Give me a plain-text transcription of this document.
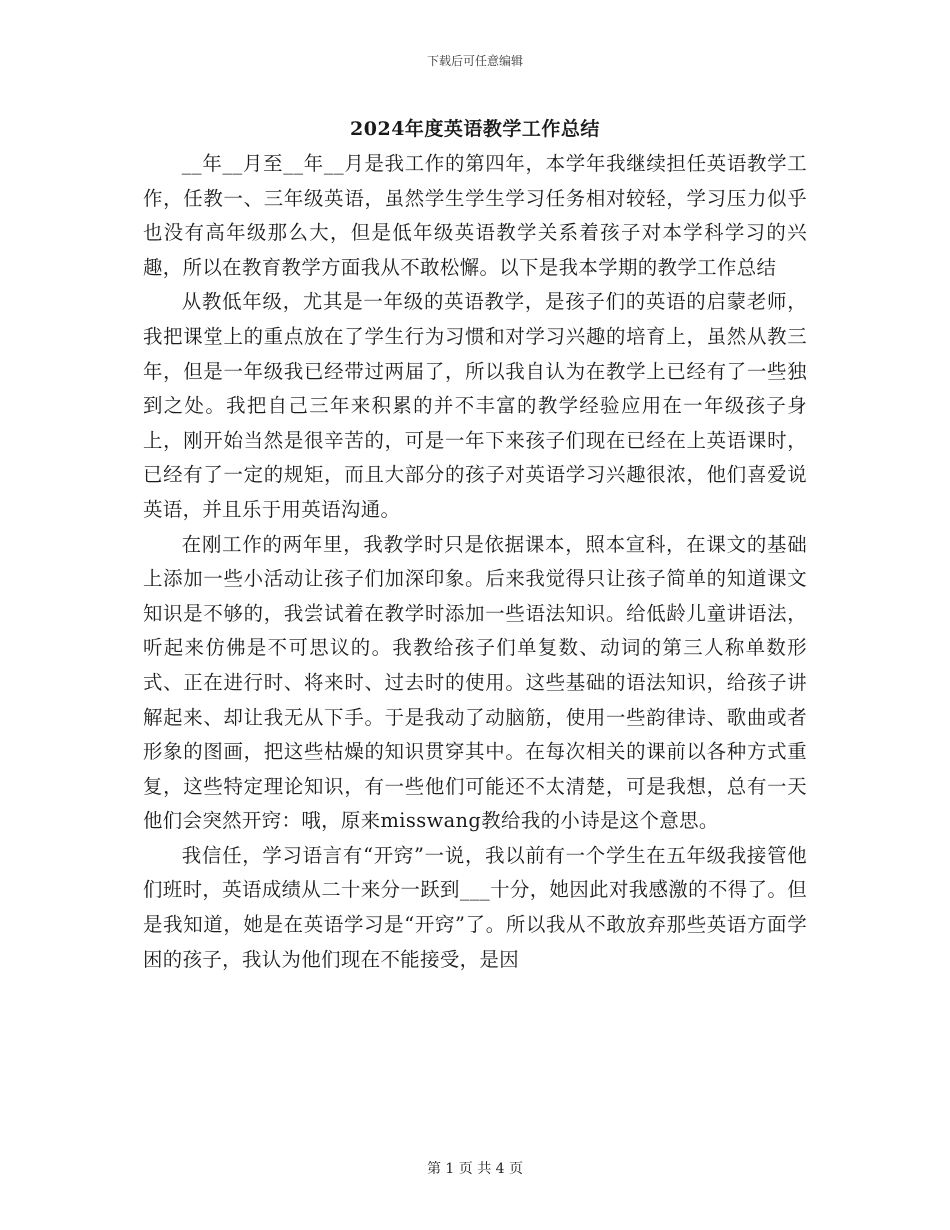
下载后可任意编辑
2024年度英语教学工作总结

__年__月至__年__月是我工作的第四年，本学年我继续担任英语教学工作，任教一、三年级英语，虽然学生学生学习任务相对较轻，学习压力似乎也没有高年级那么大，但是低年级英语教学关系着孩子对本学科学习的兴趣，所以在教育教学方面我从不敢松懈。以下是我本学期的教学工作总结

从教低年级，尤其是一年级的英语教学，是孩子们的英语的启蒙老师，我把课堂上的重点放在了学生行为习惯和对学习兴趣的培育上，虽然从教三年，但是一年级我已经带过两届了，所以我自认为在教学上已经有了一些独到之处。我把自己三年来积累的并不丰富的教学经验应用在一年级孩子身上，刚开始当然是很辛苦的，可是一年下来孩子们现在已经在上英语课时，已经有了一定的规矩，而且大部分的孩子对英语学习兴趣很浓，他们喜爱说英语，并且乐于用英语沟通。

在刚工作的两年里，我教学时只是依据课本，照本宣科，在课文的基础上添加一些小活动让孩子们加深印象。后来我觉得只让孩子简单的知道课文知识是不够的，我尝试着在教学时添加一些语法知识。给低龄儿童讲语法，听起来仿佛是不可思议的。我教给孩子们单复数、动词的第三人称单数形式、正在进行时、将来时、过去时的使用。这些基础的语法知识，给孩子讲解起来、却让我无从下手。于是我动了动脑筋，使用一些韵律诗、歌曲或者形象的图画，把这些枯燥的知识贯穿其中。在每次相关的课前以各种方式重复，这些特定理论知识，有一些他们可能还不太清楚，可是我想，总有一天他们会突然开窍：哦，原来misswang教给我的小诗是这个意思。

我信任，学习语言有“开窍”一说，我以前有一个学生在五年级我接管他们班时，英语成绩从二十来分一跃到___十分，她因此对我感激的不得了。但是我知道，她是在英语学习是“开窍”了。所以我从不敢放弃那些英语方面学困的孩子，我认为他们现在不能接受，是因

第 1 页 共 4 页
